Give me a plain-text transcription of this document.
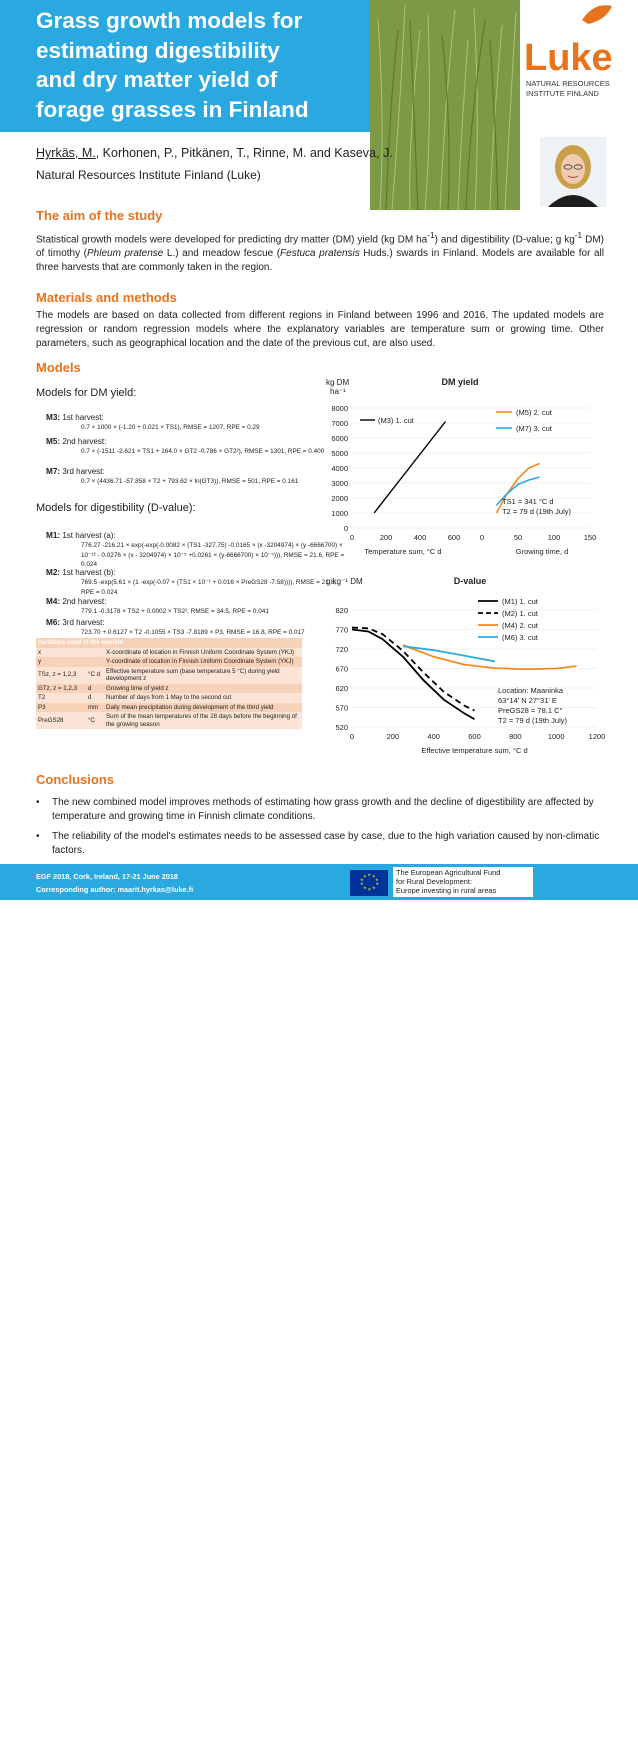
Luke
NATURAL RESOURCES
INSTITUTE FINLAND
Grass growth models for
estimating digestibility
and dry matter yield of
forage grasses in Finland
Hyrkäs, M., Korhonen, P., Pitkänen, T., Rinne, M. and Kaseva, J.
Natural Resources Institute Finland (Luke)
The aim of the study
Statistical growth models were developed for predicting dry matter (DM) yield (kg DM $ha^{-1}$) and digestibility (D-value; g $kg^{-1}$ DM) of timothy (Phleum pratense L.) and meadow fescue (Festuca pratensis Huds.) swards in Finland. Models are available for all three harvests that are commonly taken in the region.
Materials and methods
The models are based on data collected from different regions in Finland between 1996 and 2016. The updated models are regression or random regression models where the explanatory variables are temperature sum or growing time. Other parameters, such as geographical location and the date of the previous cut, are also used.
Models
Models for DM yield:
M3: 1st harvest:
0.7 × 1000 × (-1.20 + 0.021 × TS1), RMSE = 1207, RPE = 0.29
M5: 2nd harvest:
0.7 × (-1511 -2.621 × TS1 + 164.0 × GT2 -0.786 × GT2²), RMSE = 1301, RPE = 0.400
M7: 3rd harvest:
0.7 × (4436.71 -57.858 × T2 + 793.62 × ln(GT3)), RMSE = 501, RPE = 0.161
Models for digestibility (D-value):
M1: 1st harvest (a):
776.27 -216.21 × exp(-exp(-0.0082 × (TS1 -327.75) -0.0165 × (x -3204974) × (y -6666700) × 10⁻¹² - 0.0276 × (x - 3204974) × 10⁻⁵ +0.0261 × (y-6666700) × 10⁻⁵))), RMSE = 21.6, RPE = 0.024
M2: 1st harvest (b):
769.5 -exp(5.61 × (1 -exp(-0.07 × (TS1 × 10⁻¹ + 0.016 × PreGS28 -7.58)))), RMSE = 21.8, RPE = 0.024
M4: 2nd harvest:
779.1 -0.3178 × TS2 + 0.0002 × TS2², RMSE = 34.5, RPE = 0.041
M6: 3rd harvest:
723.70 + 0.6127 × T2 -0.1055 × TS3 -7.8189 × P3, RMSE = 16.8, RPE = 0.017
Variables used in the models		
x		X-coordinate of location in Finnish Uniform Coordinate System (YKJ)
y		Y-coordinate of location in Finnish Uniform Coordinate System (YKJ)
TSz, z = 1,2,3	°C d	Effective temperature sum (base temperature 5 °C) during yield development z
GTz, z = 1,2,3	d	Growing time of yield z
T2	d	Number of days from 1 May to the second cut
P3	mm	Daily mean precipitation during development of the third yield
PreGS28	°C	Sum of the mean temperatures of the 28 days before the beginning of the growing season
kg DM
ha⁻¹
DM yield
0
1000
2000
3000
4000
5000
6000
7000
8000
0	200	400	600
Temperature sum, °C d
(M3) 1. cut
0	50	100	150
Growing time, d
(M5) 2. cut
(M7) 3. cut
TS1 = 341 °C d
T2 = 79 d (19th July)
g kg⁻¹ DM	D-value
520
570
620
670
720
770
820
0	200	400	600	800	1000	1200
Effective temperature sum, °C d
(M1) 1. cut
(M2) 1. cut
(M4) 2. cut
(M6) 3. cut
Location: Maaninka
63°14' N 27°31' E
PreGS28 = 78.1 C°
T2 = 79 d (19th July)
Conclusions
•	The new combined model improves methods of estimating how grass growth and the decline of digestibility are affected by temperature and growing time in Finnish climate conditions.
•	The reliability of the model's estimates needs to be assessed case by case, due to the high variation caused by non-climatic factors.
EGF 2018, Cork, Ireland, 17-21 June 2018
Corresponding author: maarit.hyrkas@luke.fi
luke.fi
★ ★
★
★
★
★
★
★
★
★	The European Agricultural Fund
for Rural Development:
Europe investing in rural areas
